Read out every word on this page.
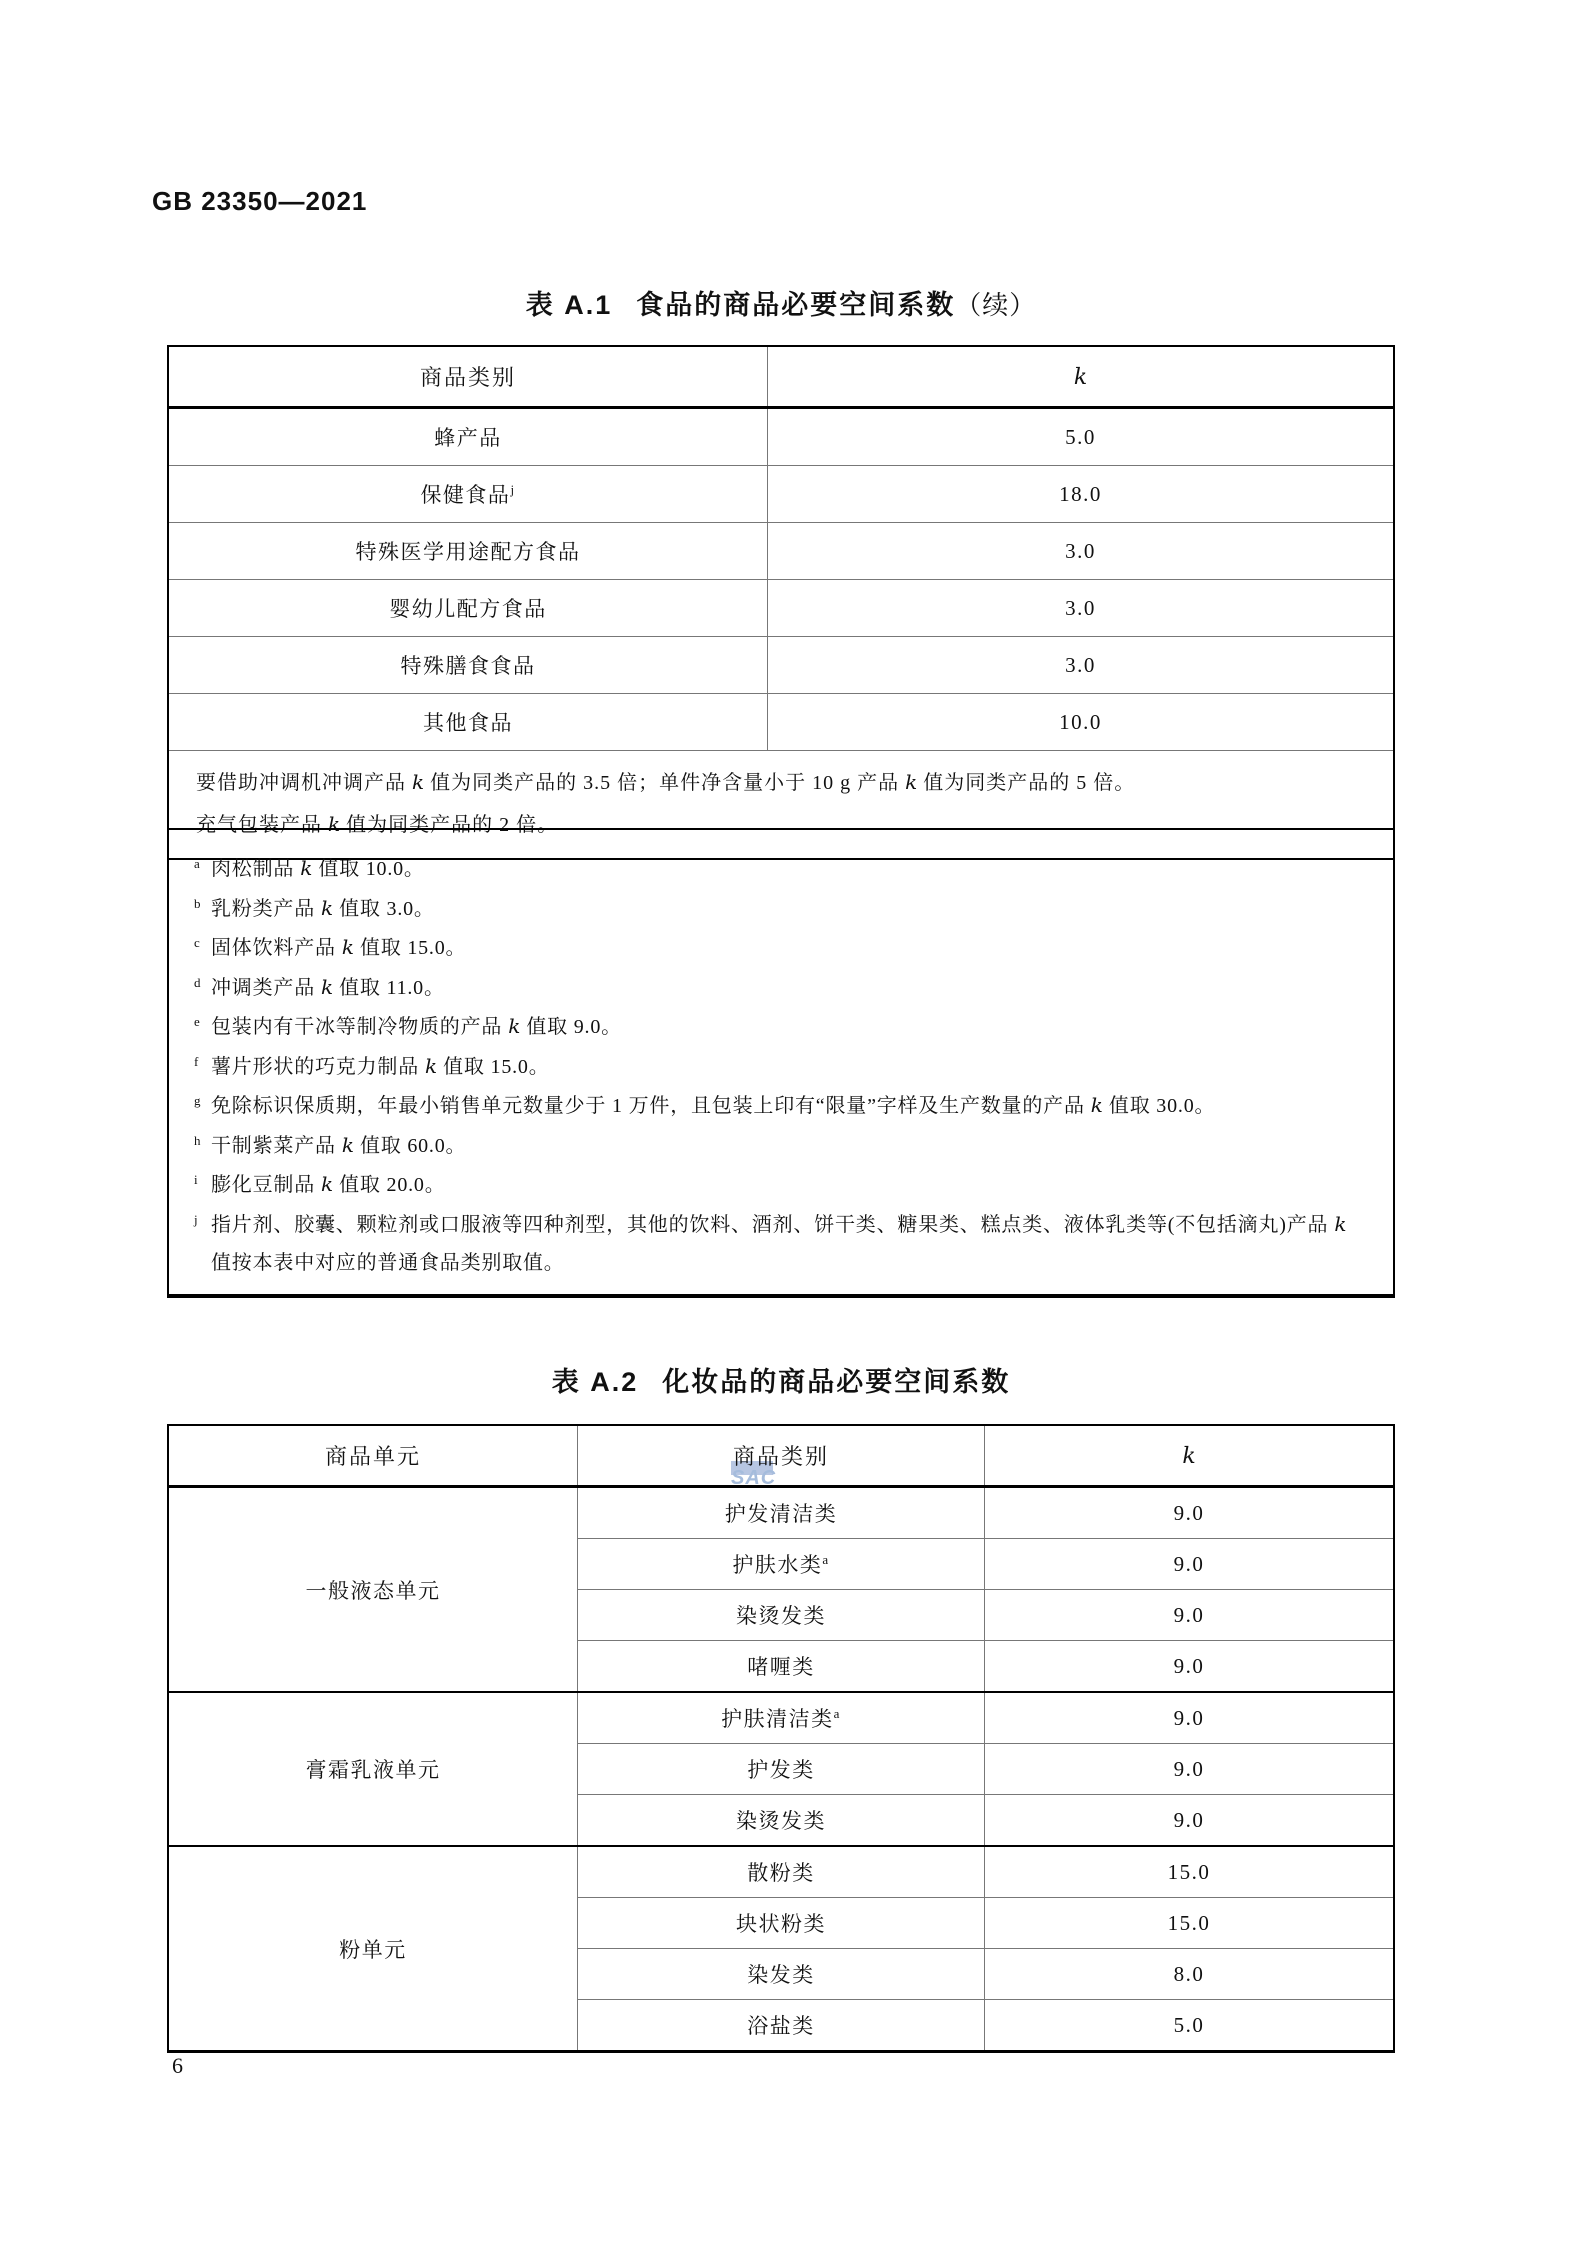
GB 23350—2021
SAC
表 A.1 食品的商品必要空间系数（续）
商品类别	k
蜂产品	5.0
保健食品$^j$	18.0
特殊医学用途配方食品	3.0
婴幼儿配方食品	3.0
特殊膳食食品	3.0
其他食品	10.0

要借助冲调机冲调产品 k 值为同类产品的 3.5 倍；单件净含量小于 10 g 产品 k 值为同类产品的 5 倍。
充气包装产品 k 值为同类产品的 2 倍。	
a 肉松制品 k 值取 10.0。
b 乳粉类产品 k 值取 3.0。
c 固体饮料产品 k 值取 15.0。
d 冲调类产品 k 值取 11.0。
e 包装内有干冰等制冷物质的产品 k 值取 9.0。
f 薯片形状的巧克力制品 k 值取 15.0。
g 免除标识保质期，年最小销售单元数量少于 1 万件，且包装上印有“限量”字样及生产数量的产品 k 值取 30.0。
h 干制紫菜产品 k 值取 60.0。
i 膨化豆制品 k 值取 20.0。
j 指片剂、胶囊、颗粒剂或口服液等四种剂型，其他的饮料、酒剂、饼干类、糖果类、糕点类、液体乳类等(不包括滴丸)产品 k值按本表中对应的普通食品类别取值。
表 A.2 化妆品的商品必要空间系数
商品单元	商品类别	k
一般液态单元	护发清洁类	9.0
	护肤水类$^a$	9.0
	染烫发类	9.0
	啫喱类	9.0
膏霜乳液单元	护肤清洁类$^a$	9.0
	护发类	9.0
	染烫发类	9.0
粉单元	散粉类	15.0
	块状粉类	15.0
	染发类	8.0
	浴盐类	5.0
6
